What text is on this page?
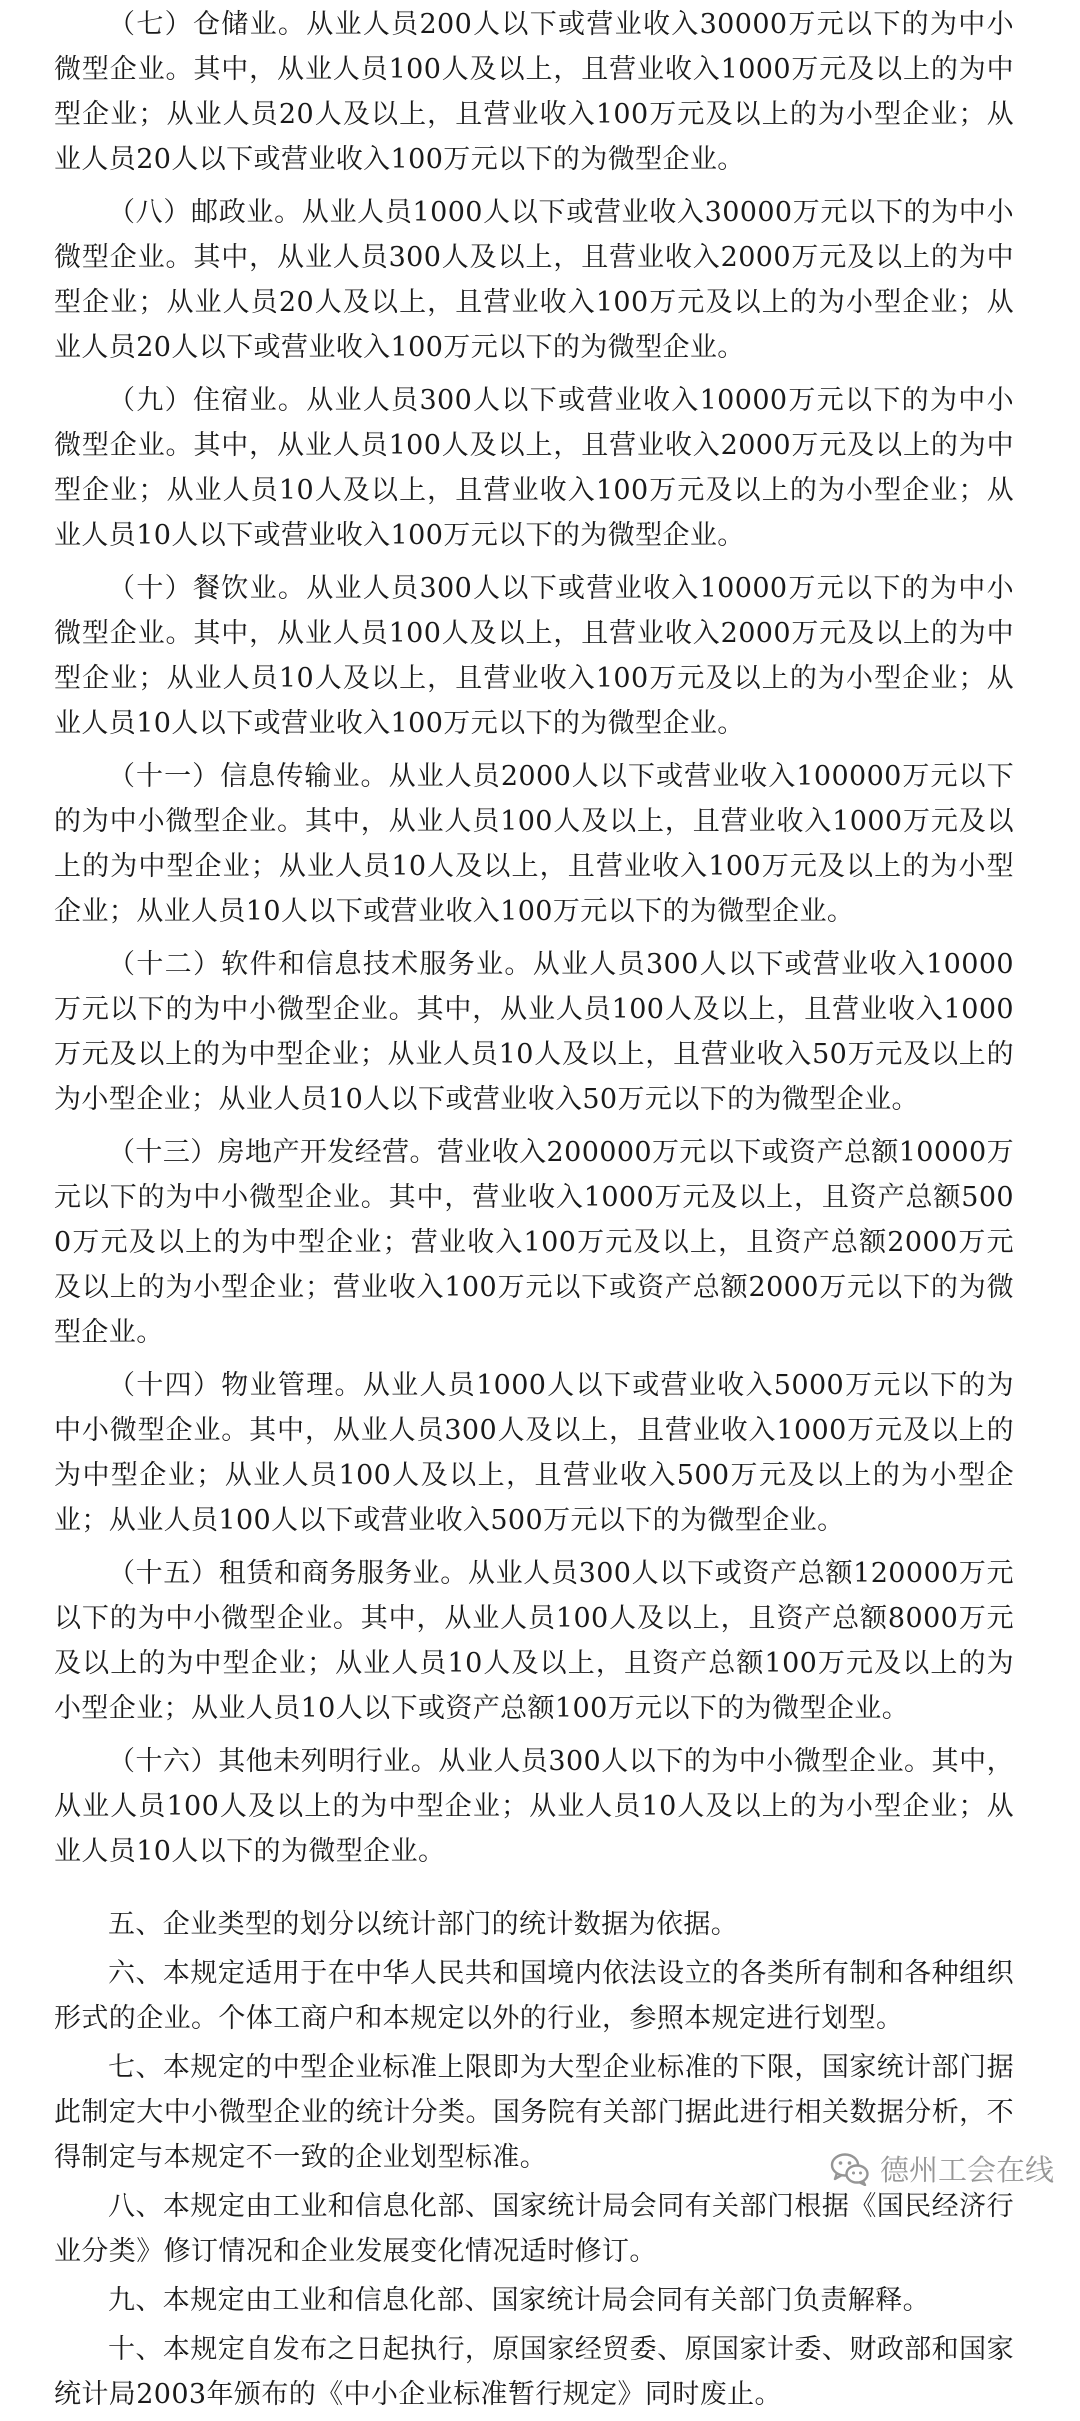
（七）仓储业。从业人员200人以下或营业收入30000万元以下的为中小微型企业。其中，从业人员100人及以上，且营业收入1000万元及以上的为中型企业；从业人员20人及以上，且营业收入100万元及以上的为小型企业；从业人员20人以下或营业收入100万元以下的为微型企业。

（八）邮政业。从业人员1000人以下或营业收入30000万元以下的为中小微型企业。其中，从业人员300人及以上，且营业收入2000万元及以上的为中型企业；从业人员20人及以上，且营业收入100万元及以上的为小型企业；从业人员20人以下或营业收入100万元以下的为微型企业。

（九）住宿业。从业人员300人以下或营业收入10000万元以下的为中小微型企业。其中，从业人员100人及以上，且营业收入2000万元及以上的为中型企业；从业人员10人及以上，且营业收入100万元及以上的为小型企业；从业人员10人以下或营业收入100万元以下的为微型企业。

（十）餐饮业。从业人员300人以下或营业收入10000万元以下的为中小微型企业。其中，从业人员100人及以上，且营业收入2000万元及以上的为中型企业；从业人员10人及以上，且营业收入100万元及以上的为小型企业；从业人员10人以下或营业收入100万元以下的为微型企业。

（十一）信息传输业。从业人员2000人以下或营业收入100000万元以下的为中小微型企业。其中，从业人员100人及以上，且营业收入1000万元及以上的为中型企业；从业人员10人及以上，且营业收入100万元及以上的为小型企业；从业人员10人以下或营业收入100万元以下的为微型企业。

（十二）软件和信息技术服务业。从业人员300人以下或营业收入10000万元以下的为中小微型企业。其中，从业人员100人及以上，且营业收入1000万元及以上的为中型企业；从业人员10人及以上，且营业收入50万元及以上的为小型企业；从业人员10人以下或营业收入50万元以下的为微型企业。

（十三）房地产开发经营。营业收入200000万元以下或资产总额10000万元以下的为中小微型企业。其中，营业收入1000万元及以上，且资产总额5000万元及以上的为中型企业；营业收入100万元及以上，且资产总额2000万元及以上的为小型企业；营业收入100万元以下或资产总额2000万元以下的为微型企业。

（十四）物业管理。从业人员1000人以下或营业收入5000万元以下的为中小微型企业。其中，从业人员300人及以上，且营业收入1000万元及以上的为中型企业；从业人员100人及以上，且营业收入500万元及以上的为小型企业；从业人员100人以下或营业收入500万元以下的为微型企业。

（十五）租赁和商务服务业。从业人员300人以下或资产总额120000万元以下的为中小微型企业。其中，从业人员100人及以上，且资产总额8000万元及以上的为中型企业；从业人员10人及以上，且资产总额100万元及以上的为小型企业；从业人员10人以下或资产总额100万元以下的为微型企业。

（十六）其他未列明行业。从业人员300人以下的为中小微型企业。其中，从业人员100人及以上的为中型企业；从业人员10人及以上的为小型企业；从业人员10人以下的为微型企业。

五、企业类型的划分以统计部门的统计数据为依据。

六、本规定适用于在中华人民共和国境内依法设立的各类所有制和各种组织形式的企业。个体工商户和本规定以外的行业，参照本规定进行划型。

七、本规定的中型企业标准上限即为大型企业标准的下限，国家统计部门据此制定大中小微型企业的统计分类。国务院有关部门据此进行相关数据分析，不得制定与本规定不一致的企业划型标准。

八、本规定由工业和信息化部、国家统计局会同有关部门根据《国民经济行业分类》修订情况和企业发展变化情况适时修订。

九、本规定由工业和信息化部、国家统计局会同有关部门负责解释。

十、本规定自发布之日起执行，原国家经贸委、原国家计委、财政部和国家统计局2003年颁布的《中小企业标准暂行规定》同时废止。

德州工会在线
